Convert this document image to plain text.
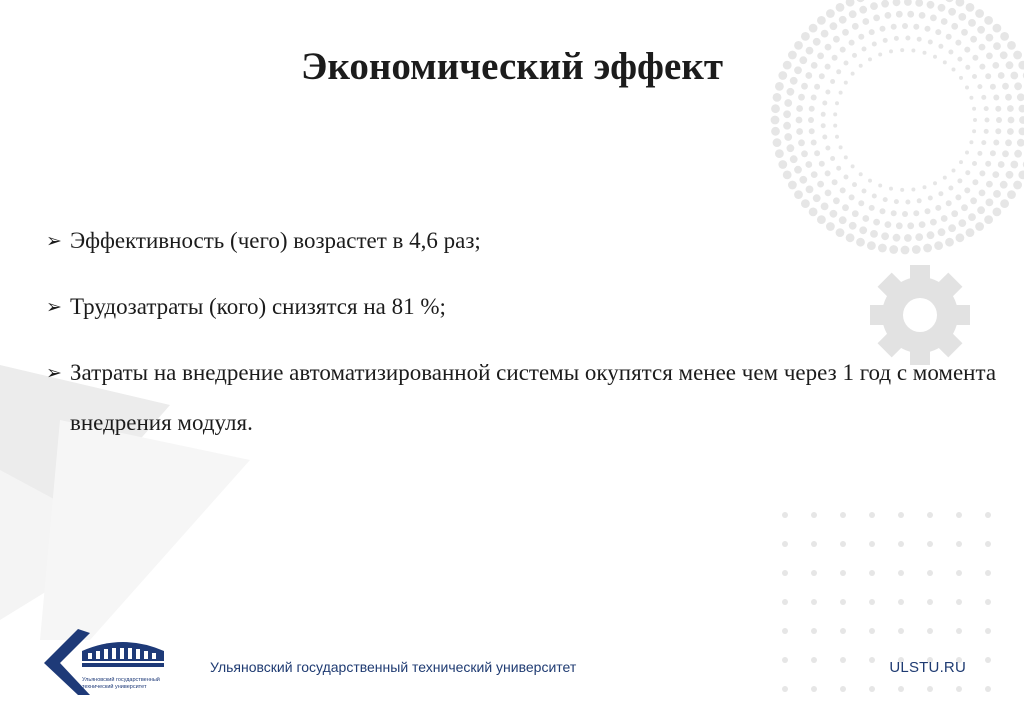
Экономический эффект
➢ Эффективность (чего) возрастет в 4,6 раз;
➢ Трудозатраты (кого) снизятся на 81 %;
➢ Затраты на внедрение автоматизированной системы окупятся менее чем через 1 год с момента внедрения модуля.
Ульяновский государственный
технический университет
Ульяновский государственный технический университет	ULSTU.RU
